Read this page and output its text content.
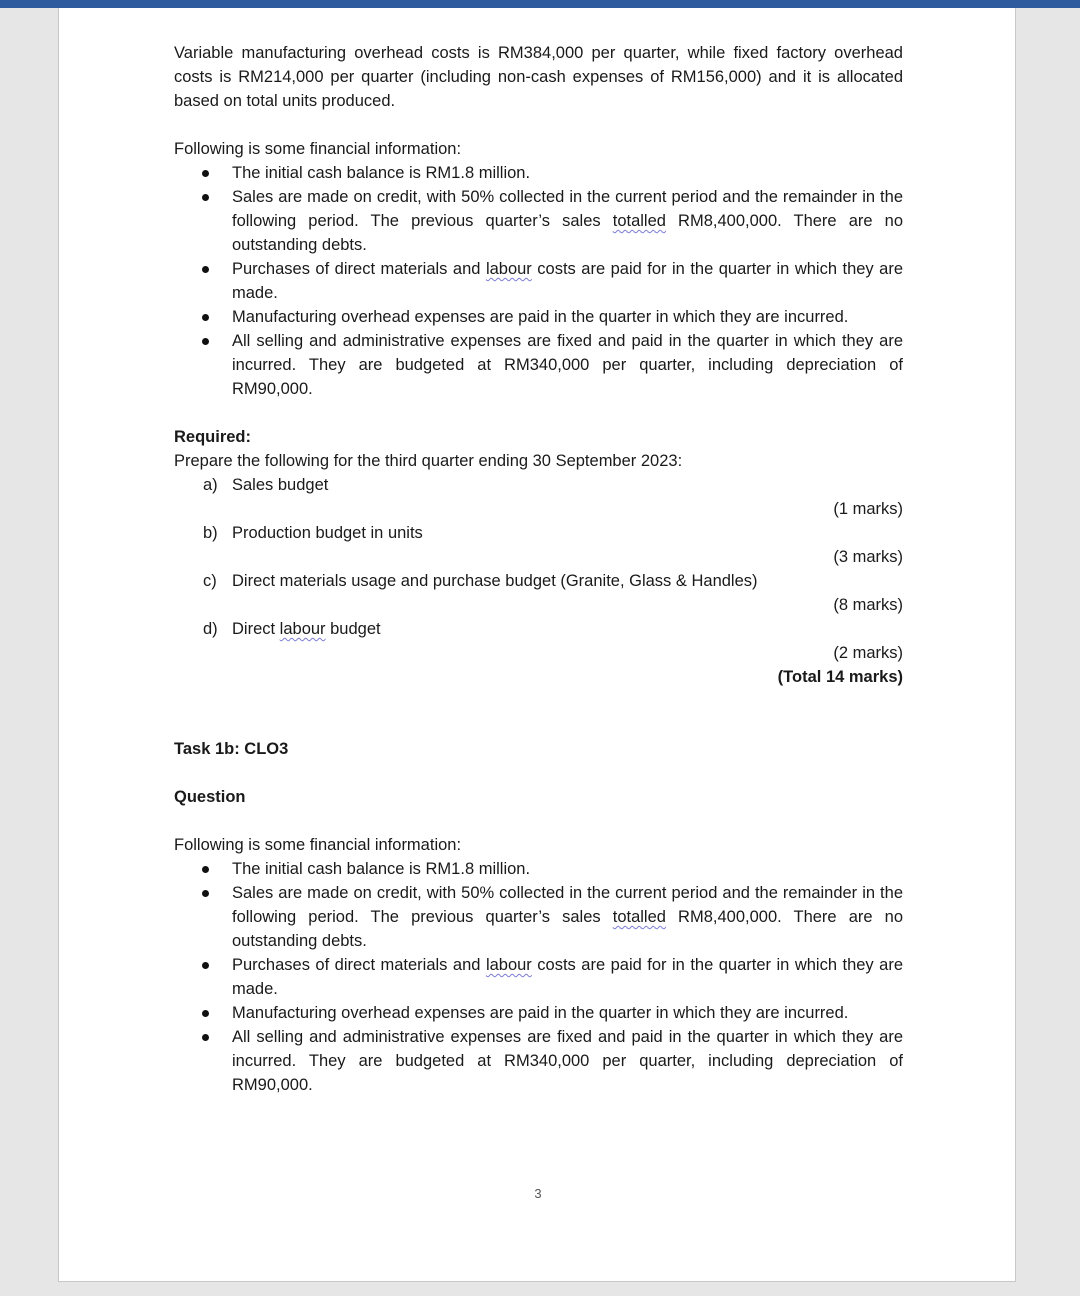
Variable manufacturing overhead costs is RM384,000 per quarter, while fixed factory overhead costs is RM214,000 per quarter (including non-cash expenses of RM156,000) and it is allocated based on total units produced.

Following is some financial information:

The initial cash balance is RM1.8 million.
Sales are made on credit, with 50% collected in the current period and the remainder in the following period. The previous quarter’s sales totalled RM8,400,000. There are no outstanding debts.
Purchases of direct materials and labour costs are paid for in the quarter in which they are made.
Manufacturing overhead expenses are paid in the quarter in which they are incurred.
All selling and administrative expenses are fixed and paid in the quarter in which they are incurred. They are budgeted at RM340,000 per quarter, including depreciation of RM90,000.

Required:

Prepare the following for the third quarter ending 30 September 2023:

a) Sales budget
(1 marks)
b) Production budget in units
(3 marks)
c) Direct materials usage and purchase budget (Granite, Glass & Handles)
(8 marks)
d) Direct labour budget
(2 marks)
(Total 14 marks)

Task 1b: CLO3

Question

Following is some financial information:

The initial cash balance is RM1.8 million.
Sales are made on credit, with 50% collected in the current period and the remainder in the following period. The previous quarter’s sales totalled RM8,400,000. There are no outstanding debts.
Purchases of direct materials and labour costs are paid for in the quarter in which they are made.
Manufacturing overhead expenses are paid in the quarter in which they are incurred.
All selling and administrative expenses are fixed and paid in the quarter in which they are incurred. They are budgeted at RM340,000 per quarter, including depreciation of RM90,000.
3
